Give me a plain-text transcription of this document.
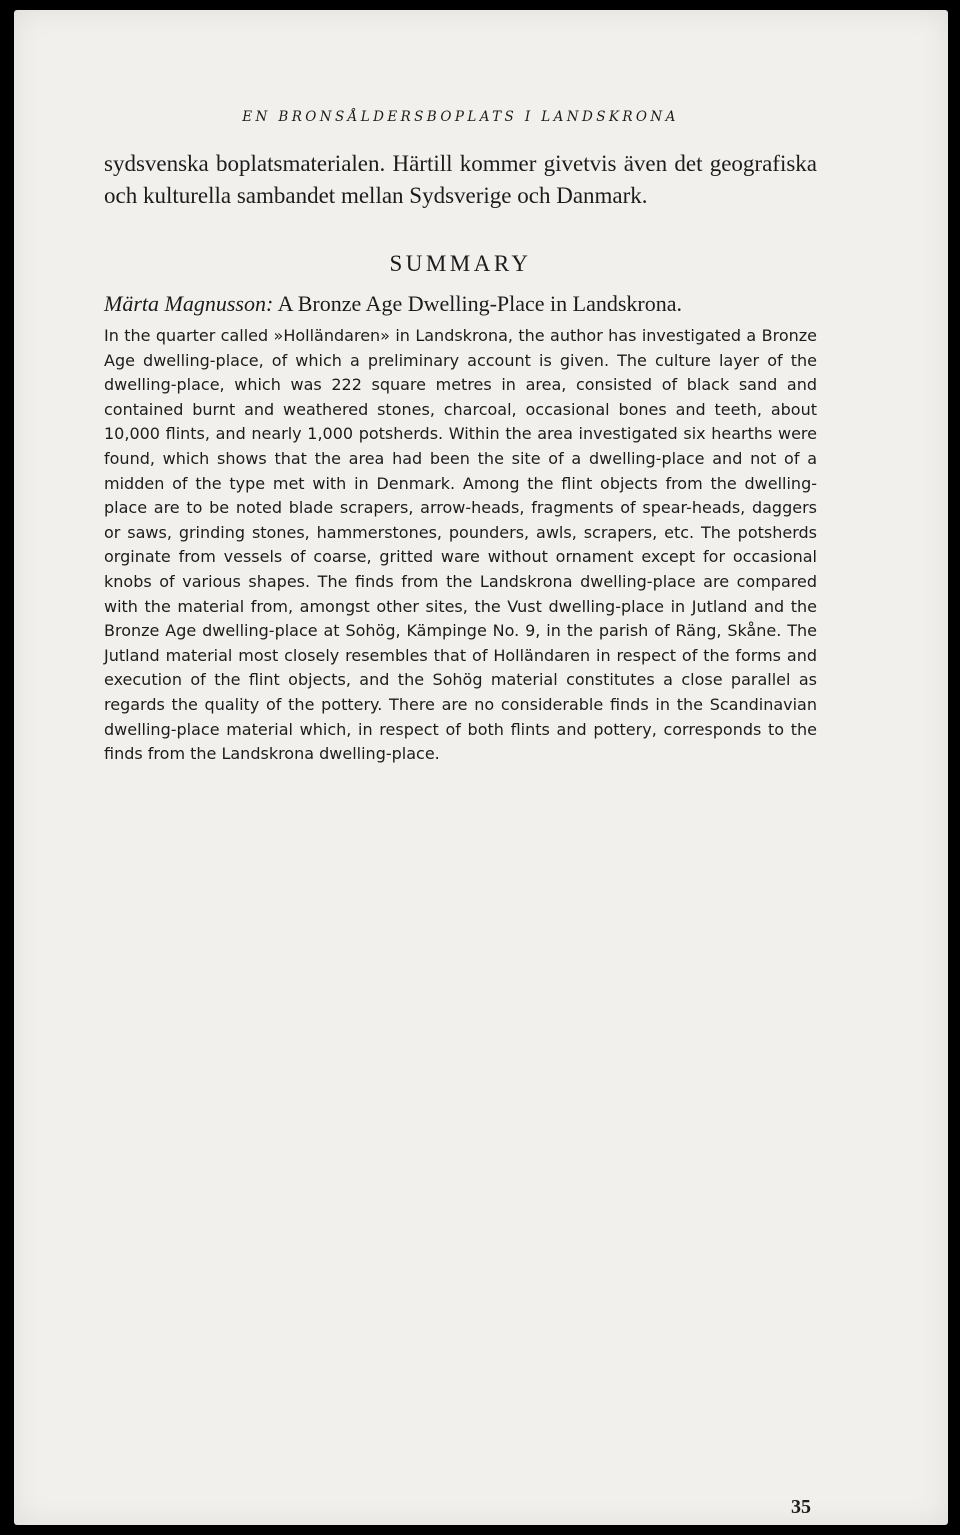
EN BRONSÅLDERSBOPLATS I LANDSKRONA

sydsvenska boplatsmaterialen. Härtill kommer givetvis även det geografiska och kulturella sambandet mellan Sydsverige och Danmark.

SUMMARY

Märta Magnusson: A Bronze Age Dwelling-Place in Landskrona.

In the quarter called »Holländaren» in Landskrona, the author has investigated a Bronze Age dwelling-place, of which a preliminary account is given. The culture layer of the dwelling-place, which was 222 square metres in area, consisted of black sand and contained burnt and weathered stones, charcoal, occasional bones and teeth, about 10,000 flints, and nearly 1,000 potsherds. Within the area investigated six hearths were found, which shows that the area had been the site of a dwelling-place and not of a midden of the type met with in Denmark. Among the flint objects from the dwelling-place are to be noted blade scrapers, arrow-heads, fragments of spear-heads, daggers or saws, grinding stones, hammerstones, pounders, awls, scrapers, etc. The potsherds orginate from vessels of coarse, gritted ware without ornament except for occasional knobs of various shapes. The finds from the Landskrona dwelling-place are compared with the material from, amongst other sites, the Vust dwelling-place in Jutland and the Bronze Age dwelling-place at Sohög, Kämpinge No. 9, in the parish of Räng, Skåne. The Jutland material most closely resembles that of Holländaren in respect of the forms and execution of the flint objects, and the Sohög material constitutes a close parallel as regards the quality of the pottery. There are no considerable finds in the Scandinavian dwelling-place material which, in respect of both flints and pottery, corresponds to the finds from the Landskrona dwelling-place.

35
